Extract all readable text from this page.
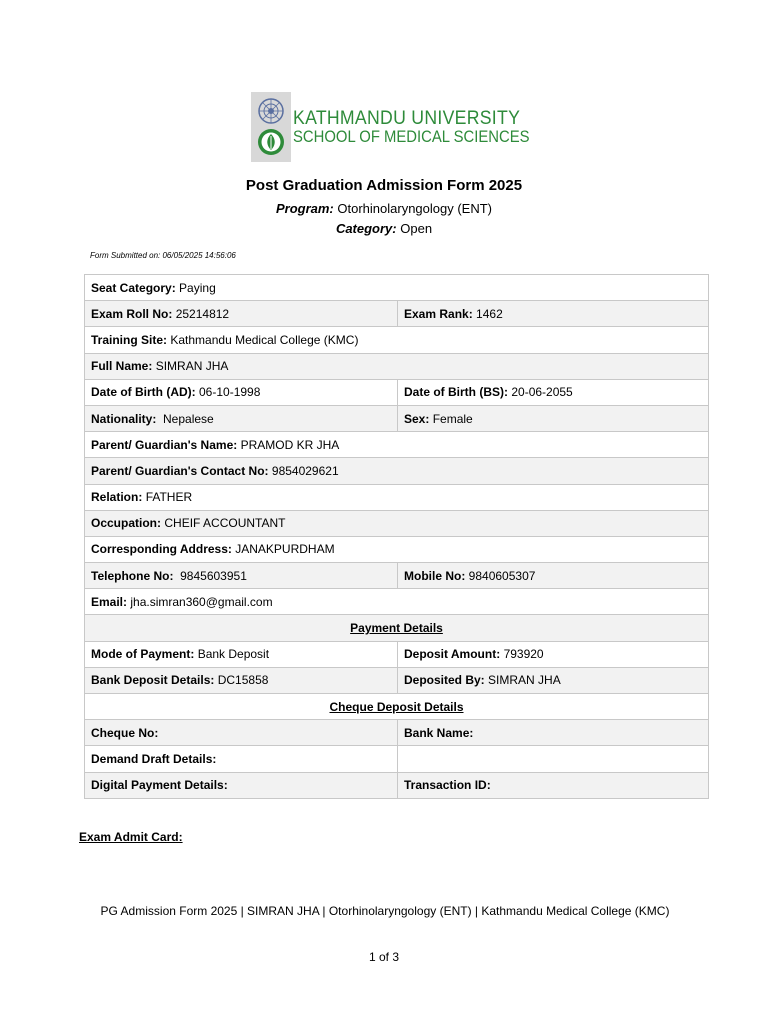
KATHMANDU UNIVERSITY
SCHOOL OF MEDICAL SCIENCES
Post Graduation Admission Form 2025
Program: Otorhinolaryngology (ENT)
Category: Open
Form Submitted on: 06/05/2025 14:56:06
Seat Category: Paying	
Exam Roll No: 25214812	Exam Rank: 1462
Training Site: Kathmandu Medical College (KMC)	
Full Name: SIMRAN JHA	
Date of Birth (AD): 06-10-1998	Date of Birth (BS): 20-06-2055
Nationality: Nepalese	Sex: Female
Parent/ Guardian's Name: PRAMOD KR JHA	
Parent/ Guardian's Contact No: 9854029621	
Relation: FATHER	
Occupation: CHEIF ACCOUNTANT	
Corresponding Address: JANAKPURDHAM	
Telephone No: 9845603951	Mobile No: 9840605307
Email: jha.simran360@gmail.com	
Payment Details	
Mode of Payment: Bank Deposit	Deposit Amount: 793920
Bank Deposit Details: DC15858	Deposited By: SIMRAN JHA
Cheque Deposit Details	
Cheque No:	Bank Name:
Demand Draft Details:	
Digital Payment Details:	Transaction ID:
Exam Admit Card:
PG Admission Form 2025 | SIMRAN JHA | Otorhinolaryngology (ENT) | Kathmandu Medical College (KMC)
1 of 3
